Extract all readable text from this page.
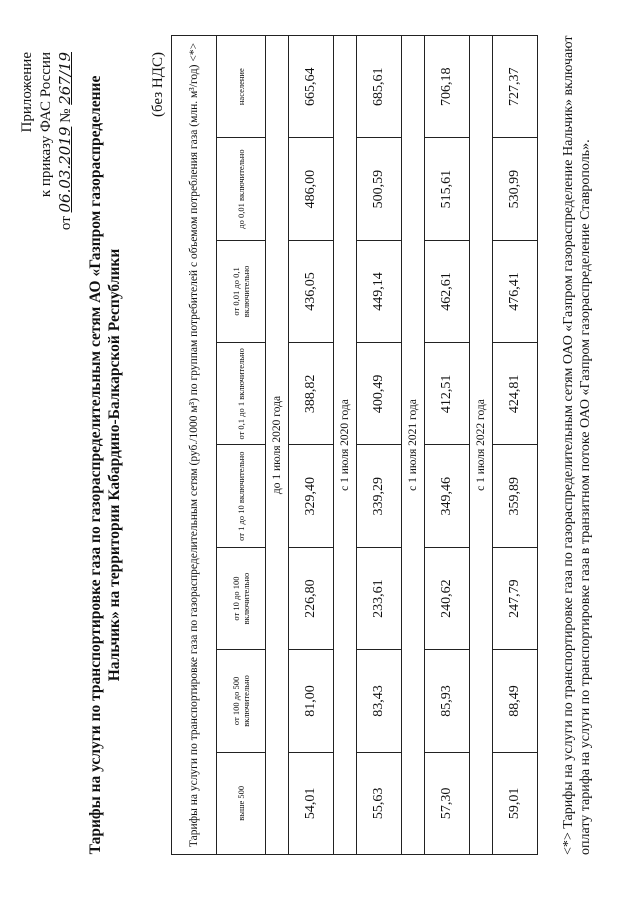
Приложение к приказу ФАС России
от 06.03.2019 № 267/19 Тарифы на услуги по транспортировке газа по газораспределительным сетям АО «Газпром газораспределение Нальчик» на территории Кабардино-Балкарской Республики
(без НДС) Тарифы на услуги по транспортировке газа по газораспределительным сетям (руб./1000 м³) по группам потребителей с объемом потребления газа (млн. м³/год) <*>							
выше 500	от 100 до 500 включительно	от 10 до 100 включительно	от 1 до 10 включительно	от 0,1 до 1 включительно	от 0,01 до 0,1 включительно	до 0,01 включительно	население
до 1 июля 2020 года							
54,01	81,00	226,80	329,40	388,82	436,05	486,00	665,64
с 1 июля 2020 года							
55,63	83,43	233,61	339,29	400,49	449,14	500,59	685,61
с 1 июля 2021 года							
57,30	85,93	240,62	349,46	412,51	462,61	515,61	706,18
с 1 июля 2022 года							
59,01	88,49	247,79	359,89	424,81	476,41	530,99	727,37	<*> Тарифы на услуги по транспортировке газа по газораспределительным сетям ОАО «Газпром газораспределение Нальчик» включают оплату тарифа на услуги по транспортировке газа в транзитном потоке ОАО «Газпром газораспределение Ставрополь».
